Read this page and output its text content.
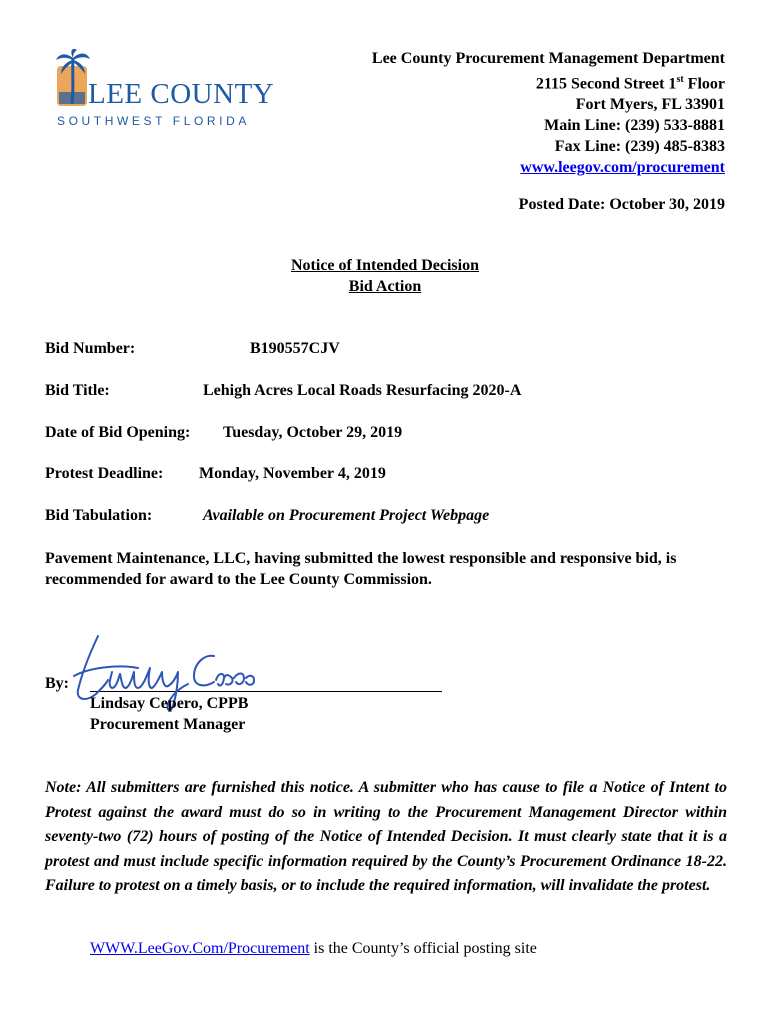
LEE COUNTY
SOUTHWEST FLORIDA
Lee County Procurement Management Department
2115 Second Street 1st Floor
Fort Myers, FL 33901
Main Line: (239) 533-8881
Fax Line: (239) 485-8383
www.leegov.com/procurement
Posted Date: October 30, 2019
Notice of Intended Decision
Bid Action
Bid Number:	B190557CJV
Bid Title:	Lehigh Acres Local Roads Resurfacing 2020-A
Date of Bid Opening: Tuesday, October 29, 2019
Protest Deadline: Monday, November 4, 2019
Bid Tabulation:	Available on Procurement Project Webpage
Pavement Maintenance, LLC, having submitted the lowest responsible and responsive bid, is recommended for award to the Lee County Commission.
By:
Lindsay Cepero, CPPB
Procurement Manager
Note: All submitters are furnished this notice. A submitter who has cause to file a Notice of Intent to Protest against the award must do so in writing to the Procurement Management Director within seventy-two (72) hours of posting of the Notice of Intended Decision. It must clearly state that it is a protest and must include specific information required by the County’s Procurement Ordinance 18-22. Failure to protest on a timely basis, or to include the required information, will invalidate the protest.
WWW.LeeGov.Com/Procurement is the County’s official posting site
